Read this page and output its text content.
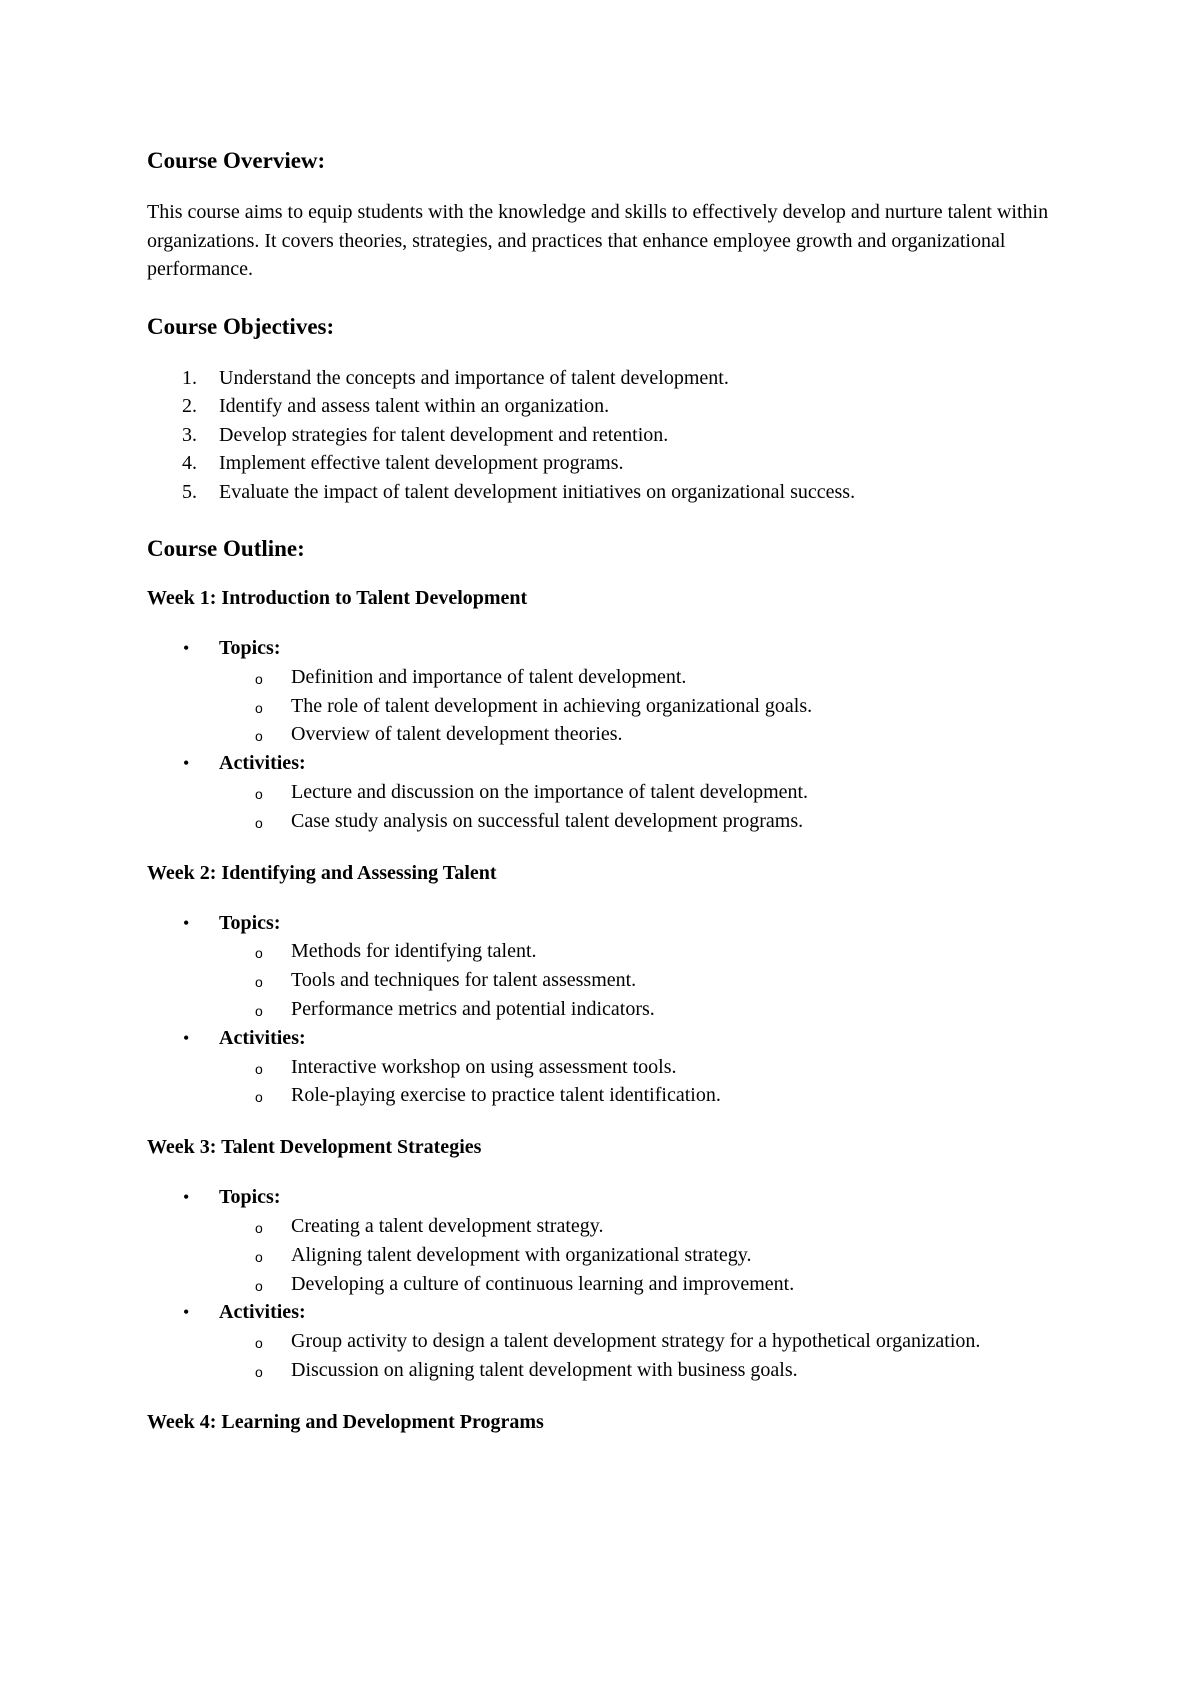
Course Overview:

This course aims to equip students with the knowledge and skills to effectively develop and nurture talent within organizations. It covers theories, strategies, and practices that enhance employee growth and organizational performance.

Course Objectives:
1.	Understand the concepts and importance of talent development.
2.	Identify and assess talent within an organization.
3.	Develop strategies for talent development and retention.
4.	Implement effective talent development programs.
5.	Evaluate the impact of talent development initiatives on organizational success.
Course Outline:
Week 1: Introduction to Talent Development
• Topics:
o Definition and importance of talent development.
o The role of talent development in achieving organizational goals.
o Overview of talent development theories.
• Activities:
o Lecture and discussion on the importance of talent development.
o Case study analysis on successful talent development programs.
Week 2: Identifying and Assessing Talent
• Topics:
o Methods for identifying talent.
o Tools and techniques for talent assessment.
o Performance metrics and potential indicators.
• Activities:
o Interactive workshop on using assessment tools.
o Role-playing exercise to practice talent identification.
Week 3: Talent Development Strategies
• Topics:
o Creating a talent development strategy.
o Aligning talent development with organizational strategy.
o Developing a culture of continuous learning and improvement.
• Activities:
o Group activity to design a talent development strategy for a hypothetical organization.
o Discussion on aligning talent development with business goals.
Week 4: Learning and Development Programs
